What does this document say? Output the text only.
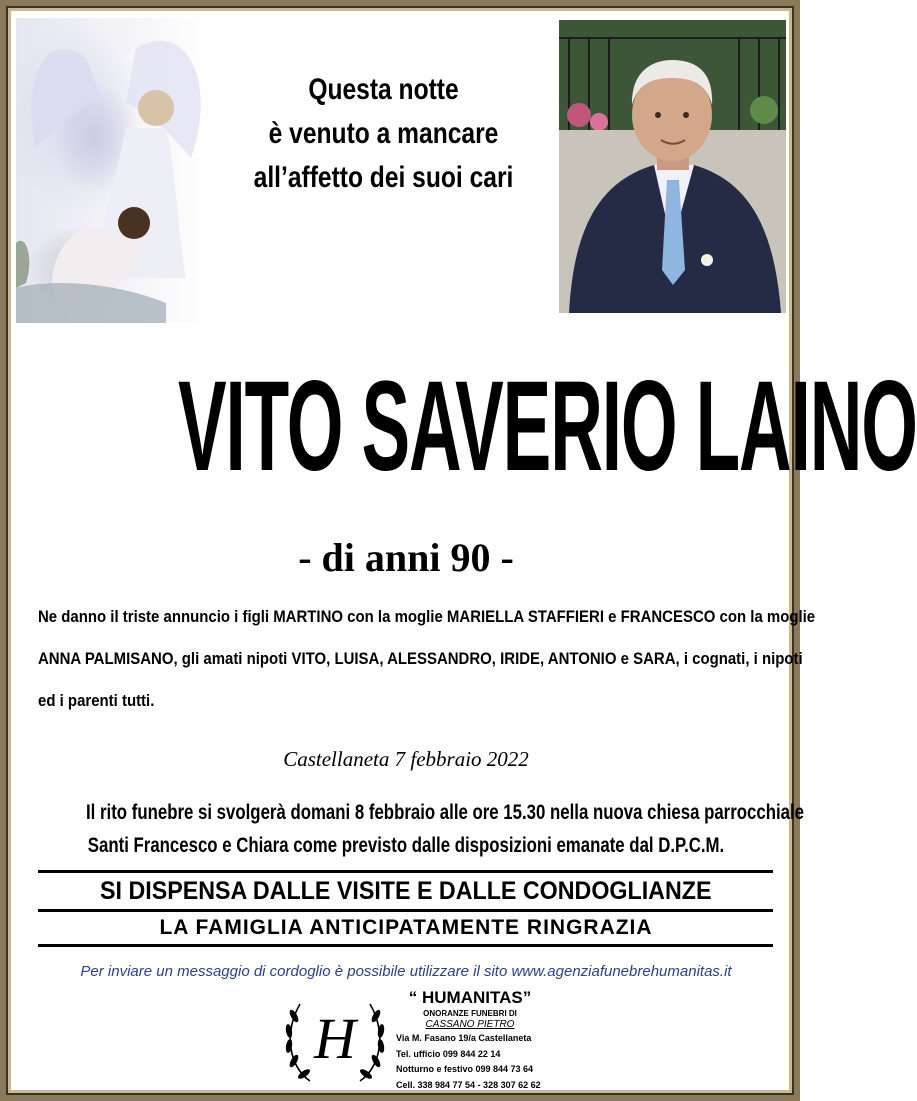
Questa notte
è venuto a mancare
all’affetto dei suoi cari
VITO SAVERIO LAINO
- di anni 90 -
Ne danno il triste annuncio i figli MARTINO con la moglie MARIELLA STAFFIERI e FRANCESCO con la moglie
ANNA PALMISANO, gli amati nipoti VITO, LUISA, ALESSANDRO, IRIDE, ANTONIO e SARA, i cognati, i nipoti
ed i parenti tutti.
Castellaneta 7 febbraio 2022
Il rito funebre si svolgerà domani 8 febbraio alle ore 15.30 nella nuova chiesa parrocchiale
Santi Francesco e Chiara come previsto dalle disposizioni emanate dal D.P.C.M.
SI DISPENSA DALLE VISITE E DALLE CONDOGLIANZE
LA FAMIGLIA ANTICIPATAMENTE RINGRAZIA
Per inviare un messaggio di cordoglio è possibile utilizzare il sito www.agenziafunebrehumanitas.it
H
“ HUMANITAS”
ONORANZE FUNEBRI DI
CASSANO PIETRO
Via M. Fasano 19/a Castellaneta
Tel. ufficio 099 844 22 14
Notturno e festivo 099 844 73 64
Cell. 338 984 77 54 - 328 307 62 62
